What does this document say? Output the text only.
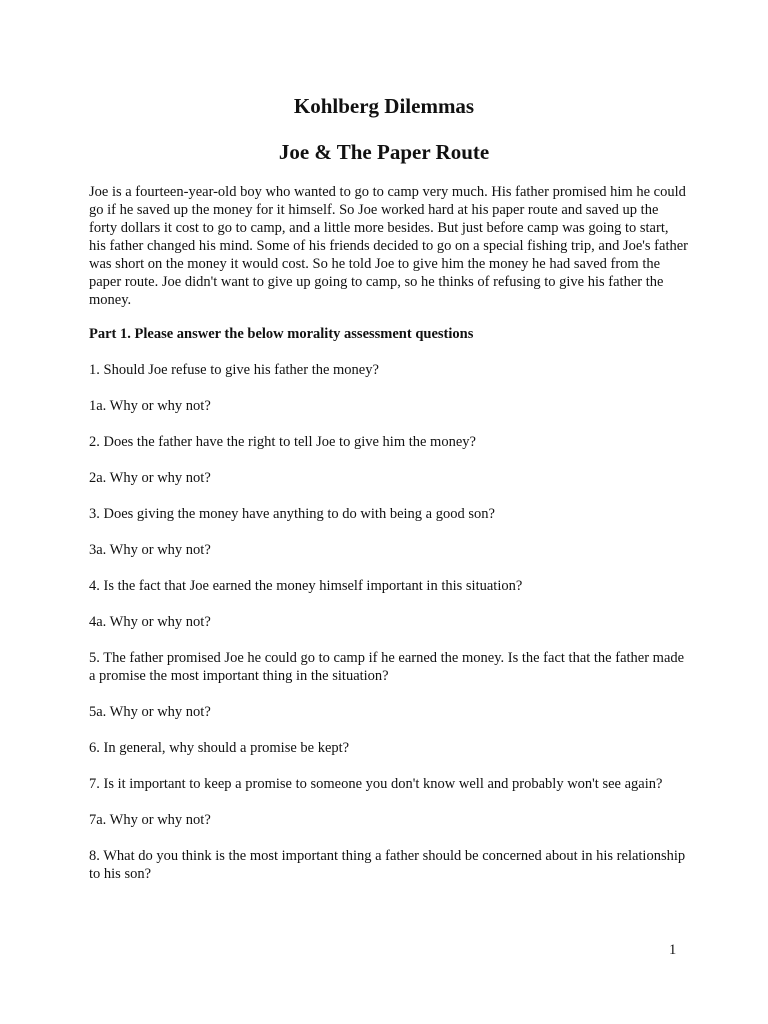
Kohlberg Dilemmas
Joe & The Paper Route

Joe is a fourteen-year-old boy who wanted to go to camp very much. His father promised him he could go if he saved up the money for it himself. So Joe worked hard at his paper route and saved up the forty dollars it cost to go to camp, and a little more besides. But just before camp was going to start, his father changed his mind. Some of his friends decided to go on a special fishing trip, and Joe's father was short on the money it would cost. So he told Joe to give him the money he had saved from the paper route. Joe didn't want to give up going to camp, so he thinks of refusing to give his father the money.

Part 1. Please answer the below morality assessment questions

1. Should Joe refuse to give his father the money?
1a. Why or why not?
2. Does the father have the right to tell Joe to give him the money?
2a. Why or why not?
3. Does giving the money have anything to do with being a good son?
3a. Why or why not?
4. Is the fact that Joe earned the money himself important in this situation?
4a. Why or why not?
5. The father promised Joe he could go to camp if he earned the money. Is the fact that the father made a promise the most important thing in the situation?
5a. Why or why not?
6. In general, why should a promise be kept?
7. Is it important to keep a promise to someone you don't know well and probably won't see again?
7a. Why or why not?
8. What do you think is the most important thing a father should be concerned about in his relationship to his son?
1
